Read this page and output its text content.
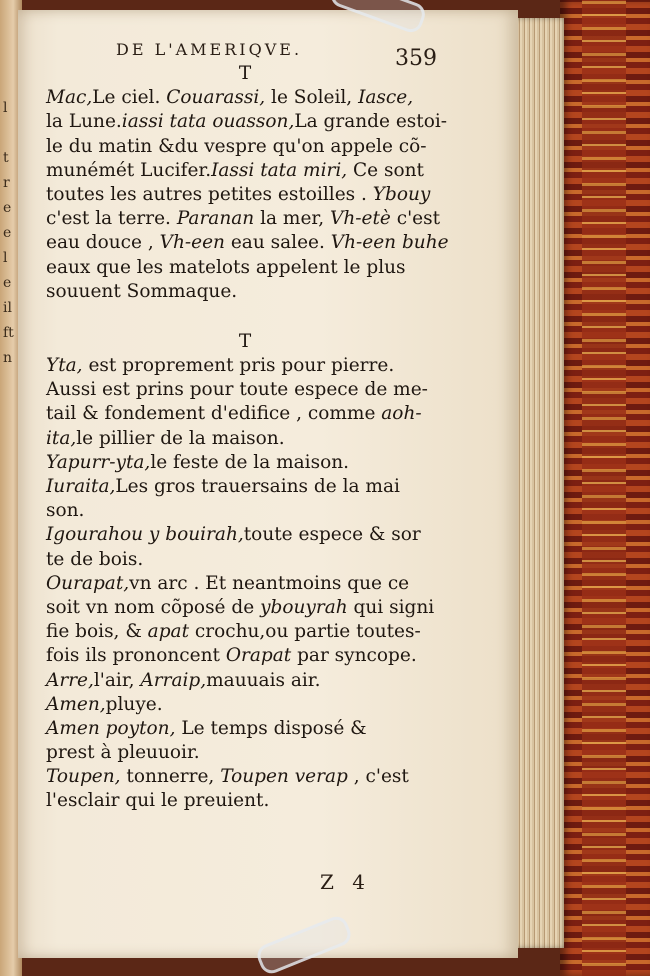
l
t
r
e
e
l
e
il
ft
n
DE L'AMERIQVE.	359
T
Mac,Le ciel. Couarassi, le Soleil, Iasce,
la Lune.iassi tata ouasson,La grande estoi-
le du matin &du vespre qu'on appele cõ-
munémét Lucifer.Iassi tata miri, Ce sont
toutes les autres petites estoilles . Ybouy
c'est la terre. Paranan la mer, Vh-etè c'est
eau douce , Vh-een eau salee. Vh-een buhe
eaux que les matelots appelent le plus
souuent Sommaque.
T
Yta, est proprement pris pour pierre.
Aussi est prins pour toute espece de me-
tail & fondement d'edifice , comme aoh-
ita,le pillier de la maison.
Yapurr-yta,le feste de la maison.
Iuraita,Les gros trauersains de la mai
son.
Igourahou y bouirah,toute espece & sor
te de bois.
Ourapat,vn arc . Et neantmoins que ce
soit vn nom cõposé de ybouyrah qui signi
fie bois, & apat crochu,ou partie toutes-
fois ils prononcent Orapat par syncope.
Arre,l'air, Arraip,mauuais air.
Amen,pluye.
Amen poyton, Le temps disposé &
prest à pleuuoir.
Toupen, tonnerre, Toupen verap , c'est
l'esclair qui le preuient.
Z 4
